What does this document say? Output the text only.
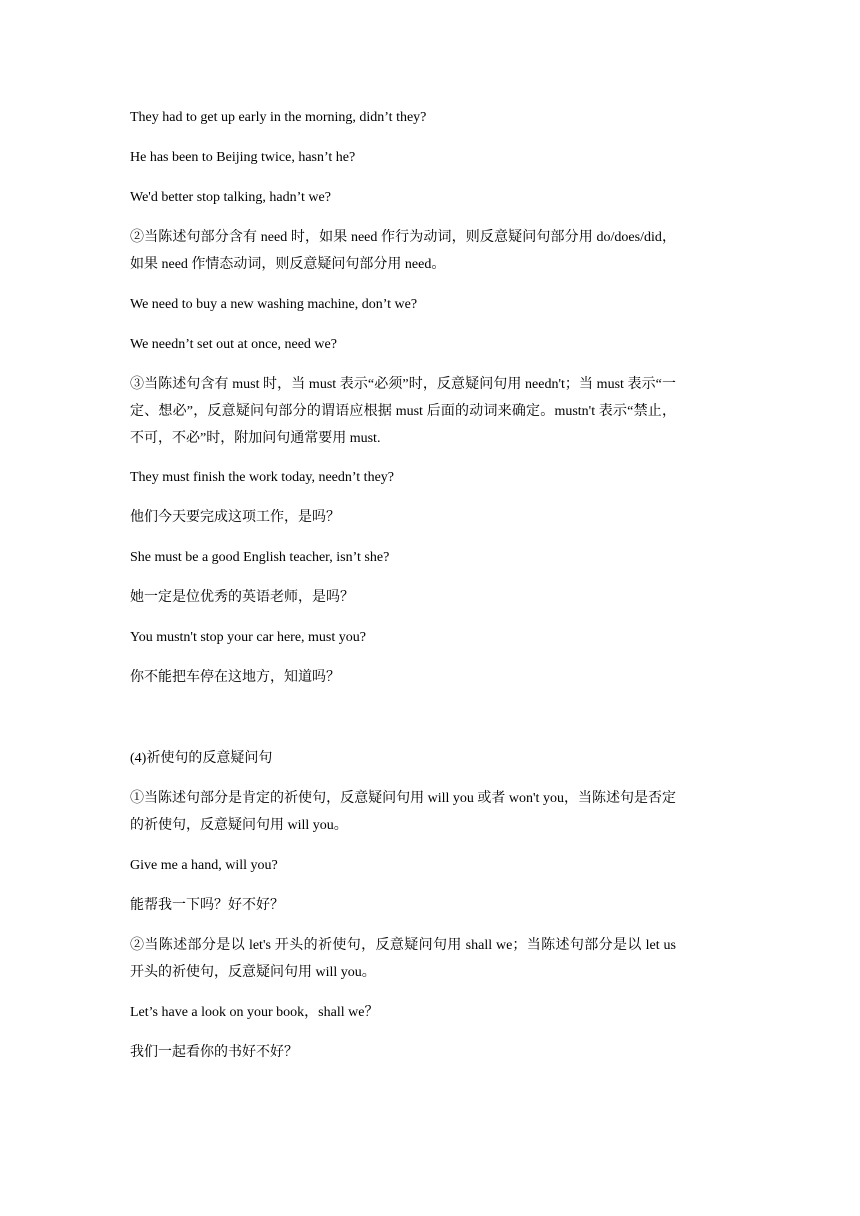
They had to get up early in the morning, didn’t they?

He has been to Beijing twice, hasn’t he?

We'd better stop talking, hadn’t we?

②当陈述句部分含有 need 时，如果 need 作行为动词，则反意疑问句部分用 do/does/did，如果 need 作情态动词，则反意疑问句部分用 need。

We need to buy a new washing machine, don’t we?

We needn’t set out at once, need we?

③当陈述句含有 must 时，当 must 表示“必须”时，反意疑问句用 needn't；当 must 表示“一定、想必”，反意疑问句部分的谓语应根据 must 后面的动词来确定。mustn't 表示“禁止，不可，不必”时，附加问句通常要用 must.

They must finish the work today, needn’t they?

他们今天要完成这项工作，是吗？

She must be a good English teacher, isn’t she?

她一定是位优秀的英语老师，是吗？

You mustn't stop your car here, must you?

你不能把车停在这地方，知道吗？

(4)祈使句的反意疑问句

①当陈述句部分是肯定的祈使句，反意疑问句用 will you 或者 won't you，当陈述句是否定的祈使句，反意疑问句用 will you。

Give me a hand, will you?

能帮我一下吗？好不好？

②当陈述部分是以 let's 开头的祈使句，反意疑问句用 shall we；当陈述句部分是以 let us 开头的祈使句，反意疑问句用 will you。

Let’s have a look on your book，shall we？

我们一起看你的书好不好？
